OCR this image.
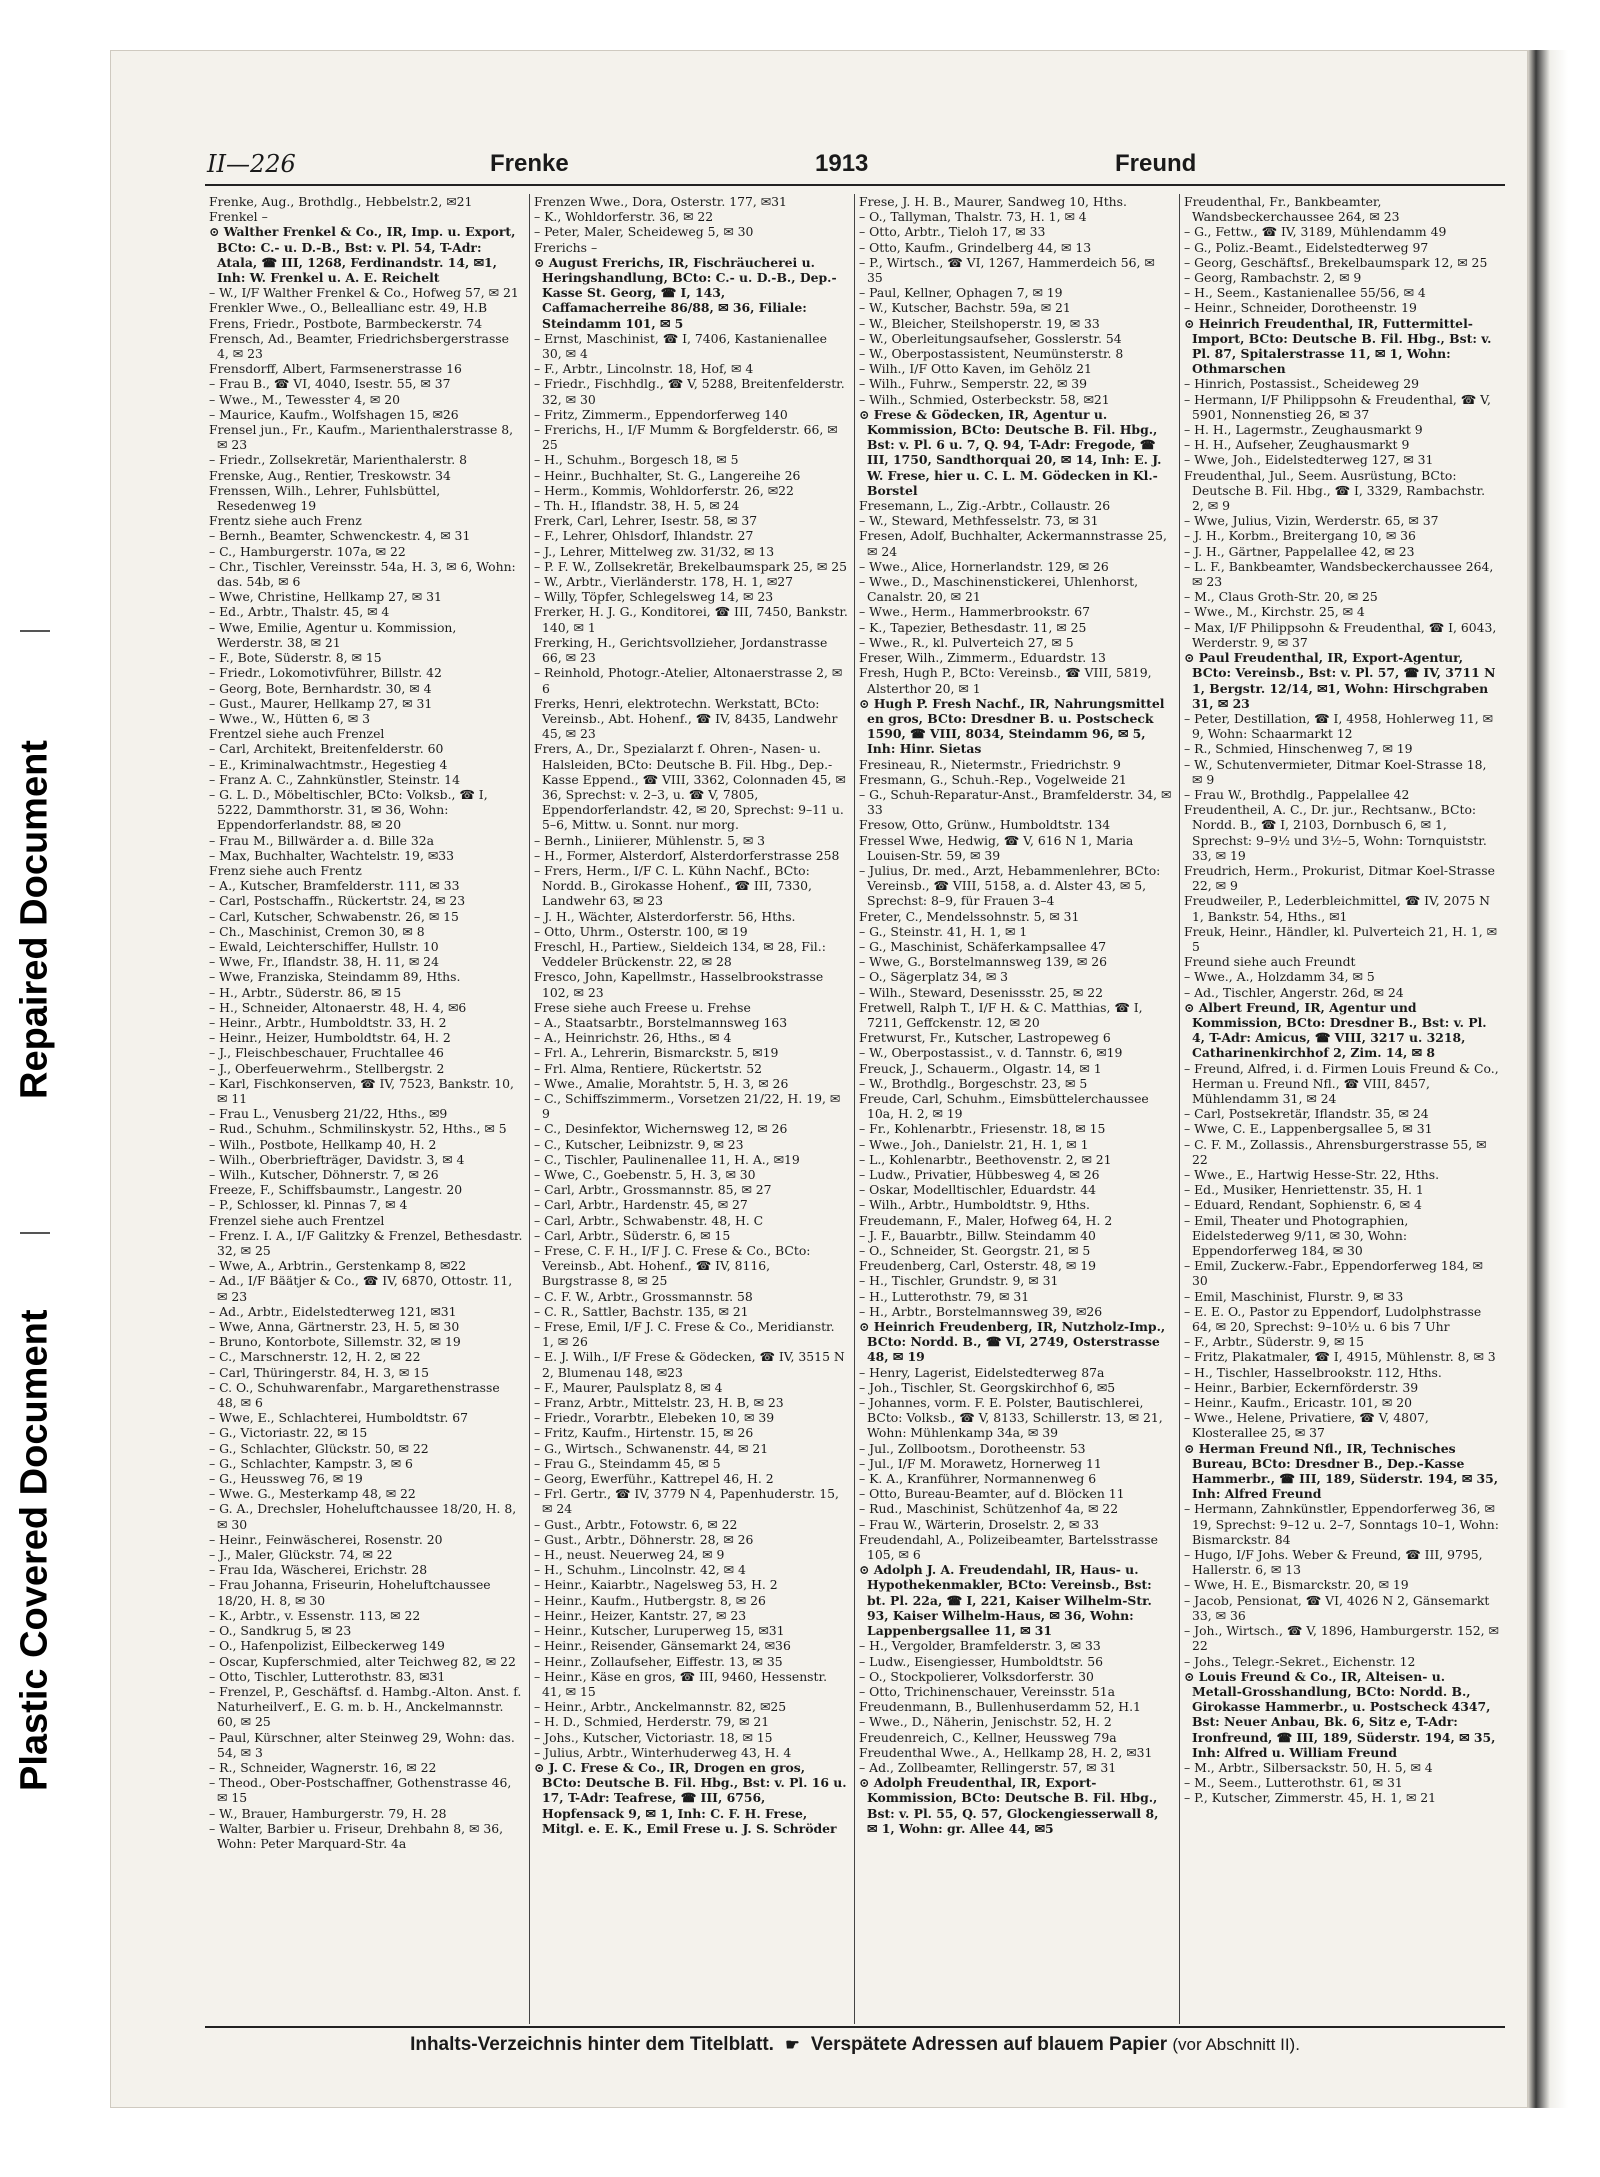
Repaired Document
Plastic Covered Document
II—226	Frenke	1913	Freund

Frenke, Aug., Brothdlg., Hebbelstr.2, ✉21

Frenkel –

⊙ Walther Frenkel & Co., IR, Imp. u. Export, BCto: C.- u. D.-B., Bst: v. Pl. 54, T-Adr: Atala, ☎ III, 1268, Ferdinandstr. 14, ✉1, Inh: W. Frenkel u. A. E. Reichelt

– W., I/F Walther Frenkel & Co., Hofweg 57, ✉ 21

Frenkler Wwe., O., Belleallianc estr. 49, H.B

Frens, Friedr., Postbote, Barmbeckerstr. 74

Frensch, Ad., Beamter, Friedrichsbergerstrasse 4, ✉ 23

Frensdorff, Albert, Farmsenerstrasse 16

– Frau B., ☎ VI, 4040, Isestr. 55, ✉ 37

– Wwe., M., Tewesstег 4, ✉ 20

– Maurice, Kaufm., Wolfshagen 15, ✉26

Frensel jun., Fr., Kaufm., Marienthalerstrasse 8, ✉ 23

– Friedr., Zollsekretär, Marienthalerstr. 8

Frenske, Aug., Rentier, Treskowstr. 34

Frenssen, Wilh., Lehrer, Fuhlsbüttel, Resedenweg 19

Frentz siehe auch Frenz

– Bernh., Beamter, Schwenckestr. 4, ✉ 31

– C., Hamburgerstr. 107a, ✉ 22

– Chr., Tischler, Vereinsstr. 54a, H. 3, ✉ 6, Wohn: das. 54b, ✉ 6

– Wwe, Christine, Hellkamp 27, ✉ 31

– Ed., Arbtr., Thalstr. 45, ✉ 4

– Wwe, Emilie, Agentur u. Kommission, Werderstr. 38, ✉ 21

– F., Bote, Süderstr. 8, ✉ 15

– Friedr., Lokomotivführer, Billstr. 42

– Georg, Bote, Bernhardstr. 30, ✉ 4

– Gust., Maurer, Hellkamp 27, ✉ 31

– Wwe., W., Hütten 6, ✉ 3

Frentzel siehe auch Frenzel

– Carl, Architekt, Breitenfelderstr. 60

– E., Kriminalwachtmstr., Hegestieg 4

– Franz A. C., Zahnkünstler, Steinstr. 14

– G. L. D., Möbeltischler, BCto: Volksb., ☎ I, 5222, Dammthorstr. 31, ✉ 36, Wohn: Eppendorferlandstr. 88, ✉ 20

– Frau M., Billwärder a. d. Bille 32a

– Max, Buchhalter, Wachtelstr. 19, ✉33

Frenz siehe auch Frentz

– A., Kutscher, Bramfelderstr. 111, ✉ 33

– Carl, Postschaffn., Rückertstr. 24, ✉ 23

– Carl, Kutscher, Schwabenstr. 26, ✉ 15

– Ch., Maschinist, Cremon 30, ✉ 8

– Ewald, Leichterschiffer, Hullstr. 10

– Wwe, Fr., Iflandstr. 38, H. 11, ✉ 24

– Wwe, Franziska, Steindamm 89, Hths.

– H., Arbtr., Süderstr. 86, ✉ 15

– H., Schneider, Altonaerstr. 48, H. 4, ✉6

– Heinr., Arbtr., Humboldtstr. 33, H. 2

– Heinr., Heizer, Humboldtstr. 64, H. 2

– J., Fleischbeschauer, Fruchtallee 46

– J., Oberfeuerwehrm., Stellbergstr. 2

– Karl, Fischkonserven, ☎ IV, 7523, Bankstr. 10, ✉ 11

– Frau L., Venusberg 21/22, Hths., ✉9

– Rud., Schuhm., Schmilinskystr. 52, Hths., ✉ 5

– Wilh., Postbote, Hellkamp 40, H. 2

– Wilh., Oberbriefträger, Davidstr. 3, ✉ 4

– Wilh., Kutscher, Döhnerstr. 7, ✉ 26

Freeze, F., Schiffsbaumstr., Langestr. 20

– P., Schlosser, kl. Pinnas 7, ✉ 4

Frenzel siehe auch Frentzel

– Frenz. I. A., I/F Galitzky & Frenzel, Bethesdastr. 32, ✉ 25

– Wwe, A., Arbtrin., Gerstenkamp 8, ✉22

– Ad., I/F Bäätjer & Co., ☎ IV, 6870, Ottostr. 11, ✉ 23

– Ad., Arbtr., Eidelstedterweg 121, ✉31

– Wwe, Anna, Gärtnerstr. 23, H. 5, ✉ 30

– Bruno, Kontorbote, Sillemstr. 32, ✉ 19

– C., Marschnerstr. 12, H. 2, ✉ 22

– Carl, Thüringerstr. 84, H. 3, ✉ 15

– C. O., Schuhwarenfabr., Margarethenstrasse 48, ✉ 6

– Wwe, E., Schlachterei, Humboldtstr. 67

– G., Victoriastr. 22, ✉ 15

– G., Schlachter, Glückstr. 50, ✉ 22

– G., Schlachter, Kampstr. 3, ✉ 6

– G., Heussweg 76, ✉ 19

– Wwe. G., Mesterkamp 48, ✉ 22

– G. A., Drechsler, Hoheluftchaussee 18/20, H. 8, ✉ 30

– Heinr., Feinwäscherei, Rosenstr. 20

– J., Maler, Glückstr. 74, ✉ 22

– Frau Ida, Wäscherei, Erichstr. 28

– Frau Johanna, Friseurin, Hoheluftchaussee 18/20, H. 8, ✉ 30

– K., Arbtr., v. Essenstr. 113, ✉ 22

– O., Sandkrug 5, ✉ 23

– O., Hafenpolizist, Eilbeckerweg 149

– Oscar, Kupferschmied, alter Teichweg 82, ✉ 22

– Otto, Tischler, Lutterothstr. 83, ✉31

– Frenzel, P., Geschäftsf. d. Hambg.-Alton. Anst. f. Naturheilverf., E. G. m. b. H., Anckelmannstr. 60, ✉ 25

– Paul, Kürschner, alter Steinweg 29, Wohn: das. 54, ✉ 3

– R., Schneider, Wagnerstr. 16, ✉ 22

– Theod., Ober-Postschaffner, Gothenstrasse 46, ✉ 15

– W., Brauer, Hamburgerstr. 79, H. 28

– Walter, Barbier u. Friseur, Drehbahn 8, ✉ 36, Wohn: Peter Marquard-Str. 4a

Frenzen Wwe., Dora, Osterstr. 177, ✉31

– K., Wohldorferstr. 36, ✉ 22

– Peter, Maler, Scheideweg 5, ✉ 30

Frerichs –

⊙ August Frerichs, IR, Fischräucherei u. Heringshandlung, BCto: C.- u. D.-B., Dep.-Kasse St. Georg, ☎ I, 143, Caffamacherreihe 86/88, ✉ 36, Filiale: Steindamm 101, ✉ 5

– Ernst, Maschinist, ☎ I, 7406, Kastanienallee 30, ✉ 4

– F., Arbtr., Lincolnstr. 18, Hof, ✉ 4

– Friedr., Fischhdlg., ☎ V, 5288, Breitenfelderstr. 32, ✉ 30

– Fritz, Zimmerm., Eppendorferweg 140

– Frerichs, H., I/F Mumm & Borgfelderstr. 66, ✉ 25

– H., Schuhm., Borgesch 18, ✉ 5

– Heinr., Buchhalter, St. G., Langereihe 26

– Herm., Kommis, Wohldorferstr. 26, ✉22

– Th. H., Iflandstr. 38, H. 5, ✉ 24

Frerk, Carl, Lehrer, Isestr. 58, ✉ 37

– F., Lehrer, Ohlsdorf, Ihlandstr. 27

– J., Lehrer, Mittelweg zw. 31/32, ✉ 13

– P. F. W., Zollsekretär, Brekelbaumspark 25, ✉ 25

– W., Arbtr., Vierländerstr. 178, H. 1, ✉27

– Willy, Töpfer, Schlegelsweg 14, ✉ 23

Frerker, H. J. G., Konditorei, ☎ III, 7450, Bankstr. 140, ✉ 1

Frerking, H., Gerichtsvollzieher, Jordanstrasse 66, ✉ 23

– Reinhold, Photogr.-Atelier, Altonaerstrasse 2, ✉ 6

Frerks, Henri, elektrotechn. Werkstatt, BCto: Vereinsb., Abt. Hohenf., ☎ IV, 8435, Landwehr 45, ✉ 23

Frers, A., Dr., Spezialarzt f. Ohren-, Nasen- u. Halsleiden, BCto: Deutsche B. Fil. Hbg., Dep.-Kasse Eppend., ☎ VIII, 3362, Colonnaden 45, ✉ 36, Sprechst: v. 2–3, u. ☎ V, 7805, Eppendorferlandstr. 42, ✉ 20, Sprechst: 9–11 u. 5–6, Mittw. u. Sonnt. nur morg.

– Bernh., Liniierer, Mühlenstr. 5, ✉ 3

– H., Former, Alsterdorf, Alsterdorferstrasse 258

– Frers, Herm., I/F C. L. Kühn Nachf., BCto: Nordd. B., Girokasse Hohenf., ☎ III, 7330, Landwehr 63, ✉ 23

– J. H., Wächter, Alsterdorferstr. 56, Hths.

– Otto, Uhrm., Osterstr. 100, ✉ 19

Freschl, H., Partiew., Sieldeich 134, ✉ 28, Fil.: Veddeler Brückenstr. 22, ✉ 28

Fresco, John, Kapellmstr., Hasselbrookstrasse 102, ✉ 23

Frese siehe auch Freese u. Frehse

– A., Staatsarbtr., Borstelmannsweg 163

– A., Heinrichstr. 26, Hths., ✉ 4

– Frl. A., Lehrerin, Bismarckstr. 5, ✉19

– Frl. Alma, Rentiere, Rückertstr. 52

– Wwe., Amalie, Morahtstr. 5, H. 3, ✉ 26

– C., Schiffszimmerm., Vorsetzen 21/22, H. 19, ✉ 9

– C., Desinfektor, Wichernsweg 12, ✉ 26

– C., Kutscher, Leibnizstr. 9, ✉ 23

– C., Tischler, Paulinenallee 11, H. A., ✉19

– Wwe, C., Goebenstr. 5, H. 3, ✉ 30

– Carl, Arbtr., Grossmannstr. 85, ✉ 27

– Carl, Arbtr., Hardenstr. 45, ✉ 27

– Carl, Arbtr., Schwabenstr. 48, H. C

– Carl, Arbtr., Süderstr. 6, ✉ 15

– Frese, C. F. H., I/F J. C. Frese & Co., BCto: Vereinsb., Abt. Hohenf., ☎ IV, 8116, Burgstrasse 8, ✉ 25

– C. F. W., Arbtr., Grossmannstr. 58

– C. R., Sattler, Bachstr. 135, ✉ 21

– Frese, Emil, I/F J. C. Frese & Co., Meridianstr. 1, ✉ 26

– E. J. Wilh., I/F Frese & Gödecken, ☎ IV, 3515 N 2, Blumenau 148, ✉23

– F., Maurer, Paulsplatz 8, ✉ 4

– Franz, Arbtr., Mittelstr. 23, H. B, ✉ 23

– Friedr., Vorarbtr., Elebeken 10, ✉ 39

– Fritz, Kaufm., Hirtenstr. 15, ✉ 26

– G., Wirtsch., Schwanenstr. 44, ✉ 21

– Frau G., Steindamm 45, ✉ 5

– Georg, Ewerführ., Kattrepel 46, H. 2

– Frl. Gertr., ☎ IV, 3779 N 4, Papenhuderstr. 15, ✉ 24

– Gust., Arbtr., Fotowstr. 6, ✉ 22

– Gust., Arbtr., Döhnerstr. 28, ✉ 26

– H., neust. Neuerweg 24, ✉ 9

– H., Schuhm., Lincolnstr. 42, ✉ 4

– Heinr., Kaiarbtr., Nagelsweg 53, H. 2

– Heinr., Kaufm., Hutbergstr. 8, ✉ 26

– Heinr., Heizer, Kantstr. 27, ✉ 23

– Heinr., Kutscher, Luruperweg 15, ✉31

– Heinr., Reisender, Gänsemarkt 24, ✉36

– Heinr., Zollaufseher, Eiffestr. 13, ✉ 35

– Heinr., Käse en gros, ☎ III, 9460, Hessenstr. 41, ✉ 15

– Heinr., Arbtr., Anckelmannstr. 82, ✉25

– H. D., Schmied, Herderstr. 79, ✉ 21

– Johs., Kutscher, Victoriastr. 18, ✉ 15

– Julius, Arbtr., Winterhuderweg 43, H. 4

⊙ J. C. Frese & Co., IR, Drogen en gros, BCto: Deutsche B. Fil. Hbg., Bst: v. Pl. 16 u. 17, T-Adr: Teafrese, ☎ III, 6756, Hopfensack 9, ✉ 1, Inh: C. F. H. Frese, Mitgl. e. E. K., Emil Frese u. J. S. Schröder

Frese, J. H. B., Maurer, Sandweg 10, Hths.

– O., Tallyman, Thalstr. 73, H. 1, ✉ 4

– Otto, Arbtr., Tieloh 17, ✉ 33

– Otto, Kaufm., Grindelberg 44, ✉ 13

– P., Wirtsch., ☎ VI, 1267, Hammerdeich 56, ✉ 35

– Paul, Kellner, Ophagen 7, ✉ 19

– W., Kutscher, Bachstr. 59a, ✉ 21

– W., Bleicher, Steilshoperstr. 19, ✉ 33

– W., Oberleitungsaufseher, Gosslerstr. 54

– W., Oberpostassistent, Neumünsterstr. 8

– Wilh., I/F Otto Kaven, im Gehölz 21

– Wilh., Fuhrw., Semperstr. 22, ✉ 39

– Wilh., Schmied, Osterbeckstr. 58, ✉21

⊙ Frese & Gödecken, IR, Agentur u. Kommission, BCto: Deutsche B. Fil. Hbg., Bst: v. Pl. 6 u. 7, Q. 94, T-Adr: Fregode, ☎ III, 1750, Sandthorquai 20, ✉ 14, Inh: E. J. W. Frese, hier u. C. L. M. Gödecken in Kl.-Borstel

Fresemann, L., Zig.-Arbtr., Collaustr. 26

– W., Steward, Methfesselstr. 73, ✉ 31

Fresen, Adolf, Buchhalter, Ackermannstrasse 25, ✉ 24

– Wwe., Alice, Hornerlandstr. 129, ✉ 26

– Wwe., D., Maschinenstickerei, Uhlenhorst, Canalstr. 20, ✉ 21

– Wwe., Herm., Hammerbrookstr. 67

– K., Tapezier, Bethesdastr. 11, ✉ 25

– Wwe., R., kl. Pulverteich 27, ✉ 5

Freser, Wilh., Zimmerm., Eduardstr. 13

Fresh, Hugh P., BCto: Vereinsb., ☎ VIII, 5819, Alsterthor 20, ✉ 1

⊙ Hugh P. Fresh Nachf., IR, Nahrungsmittel en gros, BCto: Dresdner B. u. Postscheck 1590, ☎ VIII, 8034, Steindamm 96, ✉ 5, Inh: Hinr. Sietas

Fresineau, R., Nietermstr., Friedrichstr. 9

Fresmann, G., Schuh.-Rep., Vogelweide 21

– G., Schuh-Reparatur-Anst., Bramfelderstr. 34, ✉ 33

Fresow, Otto, Grünw., Humboldtstr. 134

Fressel Wwe, Hedwig, ☎ V, 616 N 1, Maria Louisen-Str. 59, ✉ 39

– Julius, Dr. med., Arzt, Hebammenlehrer, BCto: Vereinsb., ☎ VIII, 5158, a. d. Alster 43, ✉ 5, Sprechst: 8–9, für Frauen 3–4

Freter, C., Mendelssohnstr. 5, ✉ 31

– G., Steinstr. 41, H. 1, ✉ 1

– G., Maschinist, Schäferkampsallee 47

– Wwe, G., Borstelmannsweg 139, ✉ 26

– O., Sägerplatz 34, ✉ 3

– Wilh., Steward, Desenissstr. 25, ✉ 22

Fretwell, Ralph T., I/F H. & C. Matthias, ☎ I, 7211, Geffckenstr. 12, ✉ 20

Fretwurst, Fr., Kutscher, Lastropeweg 6

– W., Oberpostassist., v. d. Tannstr. 6, ✉19

Freuck, J., Schauerm., Olgastr. 14, ✉ 1

– W., Brothdlg., Borgeschstr. 23, ✉ 5

Freude, Carl, Schuhm., Eimsbüttelerchaussee 10a, H. 2, ✉ 19

– Fr., Kohlenarbtr., Friesenstr. 18, ✉ 15

– Wwe., Joh., Danielstr. 21, H. 1, ✉ 1

– L., Kohlenarbtr., Beethovenstr. 2, ✉ 21

– Ludw., Privatier, Hübbesweg 4, ✉ 26

– Oskar, Modelltischler, Eduardstr. 44

– Wilh., Arbtr., Humboldtstr. 9, Hths.

Freudemann, F., Maler, Hofweg 64, H. 2

– J. F., Bauarbtr., Billw. Steindamm 40

– O., Schneider, St. Georgstr. 21, ✉ 5

Freudenberg, Carl, Osterstr. 48, ✉ 19

– H., Tischler, Grundstr. 9, ✉ 31

– H., Lutterothstr. 79, ✉ 31

– H., Arbtr., Borstelmannsweg 39, ✉26

⊙ Heinrich Freudenberg, IR, Nutzholz-Imp., BCto: Nordd. B., ☎ VI, 2749, Osterstrasse 48, ✉ 19

– Henry, Lagerist, Eidelstedterweg 87a

– Joh., Tischler, St. Georgskirchhof 6, ✉5

– Johannes, vorm. F. E. Polster, Bautischlerei, BCto: Volksb., ☎ V, 8133, Schillerstr. 13, ✉ 21, Wohn: Mühlenkamp 34a, ✉ 39

– Jul., Zollbootsm., Dorotheenstr. 53

– Jul., I/F M. Morawetz, Hornerweg 11

– K. A., Kranführer, Normannenweg 6

– Otto, Bureau-Beamter, auf d. Blöcken 11

– Rud., Maschinist, Schützenhof 4a, ✉ 22

– Frau W., Wärterin, Droselstr. 2, ✉ 33

Freudendahl, A., Polizeibeamter, Bartelsstrasse 105, ✉ 6

⊙ Adolph J. A. Freudendahl, IR, Haus- u. Hypothekenmakler, BCto: Vereinsb., Bst: bt. Pl. 22a, ☎ I, 221, Kaiser Wilhelm-Str. 93, Kaiser Wilhelm-Haus, ✉ 36, Wohn: Lappenbergsallee 11, ✉ 31

– H., Vergolder, Bramfelderstr. 3, ✉ 33

– Ludw., Eisengiesser, Humboldtstr. 56

– O., Stockpolierer, Volksdorferstr. 30

– Otto, Trichinenschauer, Vereinsstr. 51a

Freudenmann, B., Bullenhuserdamm 52, H.1

– Wwe., D., Näherin, Jenischstr. 52, H. 2

Freudenreich, C., Kellner, Heussweg 79a

Freudenthal Wwe., A., Hellkamp 28, H. 2, ✉31

– Ad., Zollbeamter, Rellingerstr. 57, ✉ 31

⊙ Adolph Freudenthal, IR, Export-Kommission, BCto: Deutsche B. Fil. Hbg., Bst: v. Pl. 55, Q. 57, Glockengiesserwall 8, ✉ 1, Wohn: gr. Allee 44, ✉5

Freudenthal, Fr., Bankbeamter, Wandsbeckerchaussee 264, ✉ 23

– G., Fettw., ☎ IV, 3189, Mühlendamm 49

– G., Poliz.-Beamt., Eidelstedterweg 97

– Georg, Geschäftsf., Brekelbaumspark 12, ✉ 25

– Georg, Rambachstr. 2, ✉ 9

– H., Seem., Kastanienallee 55/56, ✉ 4

– Heinr., Schneider, Dorotheenstr. 19

⊙ Heinrich Freudenthal, IR, Futtermittel-Import, BCto: Deutsche B. Fil. Hbg., Bst: v. Pl. 87, Spitalerstrasse 11, ✉ 1, Wohn: Othmarschen

– Hinrich, Postassist., Scheideweg 29

– Hermann, I/F Philippsohn & Freudenthal, ☎ V, 5901, Nonnenstieg 26, ✉ 37

– H. H., Lagermstr., Zeughausmarkt 9

– H. H., Aufseher, Zeughausmarkt 9

– Wwe, Joh., Eidelstedterweg 127, ✉ 31

Freudenthal, Jul., Seem. Ausrüstung, BCto: Deutsche B. Fil. Hbg., ☎ I, 3329, Rambachstr. 2, ✉ 9

– Wwe, Julius, Vizin, Werderstr. 65, ✉ 37

– J. H., Korbm., Breitergang 10, ✉ 36

– J. H., Gärtner, Pappelallee 42, ✉ 23

– L. F., Bankbeamter, Wandsbeckerchaussee 264, ✉ 23

– M., Claus Groth-Str. 20, ✉ 25

– Wwe., M., Kirchstr. 25, ✉ 4

– Max, I/F Philippsohn & Freudenthal, ☎ I, 6043, Werderstr. 9, ✉ 37

⊙ Paul Freudenthal, IR, Export-Agentur, BCto: Vereinsb., Bst: v. Pl. 57, ☎ IV, 3711 N 1, Bergstr. 12/14, ✉1, Wohn: Hirschgraben 31, ✉ 23

– Peter, Destillation, ☎ I, 4958, Hohlerweg 11, ✉ 9, Wohn: Schaarmarkt 12

– R., Schmied, Hinschenweg 7, ✉ 19

– W., Schutenvermieter, Ditmar Koel-Strasse 18, ✉ 9

– Frau W., Brothdlg., Pappelallee 42

Freudentheil, A. C., Dr. jur., Rechtsanw., BCto: Nordd. B., ☎ I, 2103, Dornbusch 6, ✉ 1, Sprechst: 9–9½ und 3½–5, Wohn: Tornquiststr. 33, ✉ 19

Freudrich, Herm., Prokurist, Ditmar Koel-Strasse 22, ✉ 9

Freudweiler, P., Lederbleichmittel, ☎ IV, 2075 N 1, Bankstr. 54, Hths., ✉1

Freuk, Heinr., Händler, kl. Pulverteich 21, H. 1, ✉ 5

Freund siehe auch Freundt

– Wwe., A., Holzdamm 34, ✉ 5

– Ad., Tischler, Angerstr. 26d, ✉ 24

⊙ Albert Freund, IR, Agentur und Kommission, BCto: Dresdner B., Bst: v. Pl. 4, T-Adr: Amicus, ☎ VIII, 3217 u. 3218, Catharinenkirchhof 2, Zim. 14, ✉ 8

– Freund, Alfred, i. d. Firmen Louis Freund & Co., Herman u. Freund Nfl., ☎ VIII, 8457, Mühlendamm 31, ✉ 24

– Carl, Postsekretär, Iflandstr. 35, ✉ 24

– Wwe, C. E., Lappenbergsallee 5, ✉ 31

– C. F. M., Zollassis., Ahrensburgerstrasse 55, ✉ 22

– Wwe., E., Hartwig Hesse-Str. 22, Hths.

– Ed., Musiker, Henriettenstr. 35, H. 1

– Eduard, Rendant, Sophienstr. 6, ✉ 4

– Emil, Theater und Photographien, Eidelstederweg 9/11, ✉ 30, Wohn: Eppendorferweg 184, ✉ 30

– Emil, Zuckerw.-Fabr., Eppendorferweg 184, ✉ 30

– Emil, Maschinist, Flurstr. 9, ✉ 33

– E. E. O., Pastor zu Eppendorf, Ludolphstrasse 64, ✉ 20, Sprechst: 9–10½ u. 6 bis 7 Uhr

– F., Arbtr., Süderstr. 9, ✉ 15

– Fritz, Plakatmaler, ☎ I, 4915, Mühlenstr. 8, ✉ 3

– H., Tischler, Hasselbrookstr. 112, Hths.

– Heinr., Barbier, Eckernförderstr. 39

– Heinr., Kaufm., Ericastr. 101, ✉ 20

– Wwe., Helene, Privatiere, ☎ V, 4807, Klosterallee 25, ✉ 37

⊙ Herman Freund Nfl., IR, Technisches Bureau, BCto: Dresdner B., Dep.-Kasse Hammerbr., ☎ III, 189, Süderstr. 194, ✉ 35, Inh: Alfred Freund

– Hermann, Zahnkünstler, Eppendorferweg 36, ✉ 19, Sprechst: 9–12 u. 2–7, Sonntags 10–1, Wohn: Bismarckstr. 84

– Hugo, I/F Johs. Weber & Freund, ☎ III, 9795, Hallerstr. 6, ✉ 13

– Wwe, H. E., Bismarckstr. 20, ✉ 19

– Jacob, Pensionat, ☎ VI, 4026 N 2, Gänsemarkt 33, ✉ 36

– Joh., Wirtsch., ☎ V, 1896, Hamburgerstr. 152, ✉ 22

– Johs., Telegr.-Sekret., Eichenstr. 12

⊙ Louis Freund & Co., IR, Alteisen- u. Metall-Grosshandlung, BCto: Nordd. B., Girokasse Hammerbr., u. Postscheck 4347, Bst: Neuer Anbau, Bk. 6, Sitz e, T-Adr: Ironfreund, ☎ III, 189, Süderstr. 194, ✉ 35, Inh: Alfred u. William Freund

– M., Arbtr., Silbersackstr. 50, H. 5, ✉ 4

– M., Seem., Lutterothstr. 61, ✉ 31

– P., Kutscher, Zimmerstr. 45, H. 1, ✉ 21

Inhalts-Verzeichnis hinter dem Titelblatt. ☛ Verspätete Adressen auf blauem Papier (vor Abschnitt II).
